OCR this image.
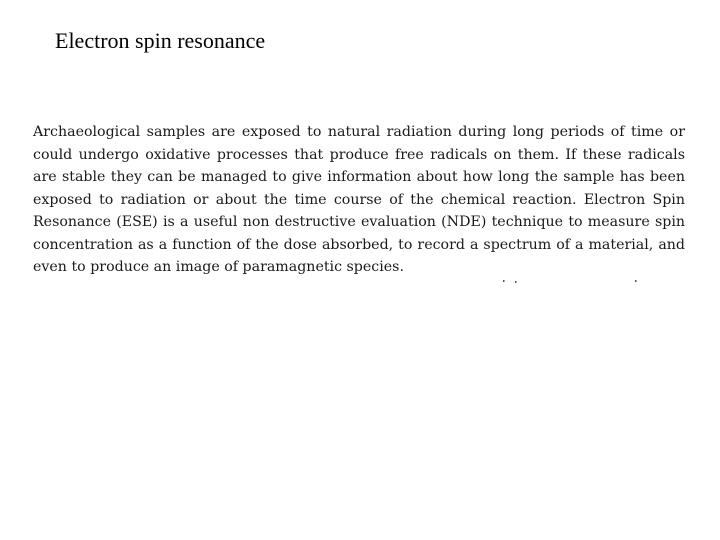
Electron spin resonance

Archaeological samples are exposed to natural radiation during long periods of time or could undergo oxidative processes that produce free radicals on them. If these radicals are stable they can be managed to give information about how long the sample has been exposed to radiation or about the time course of the chemical reaction. Electron Spin Resonance (ESE) is a useful non destructive evaluation (NDE) technique to measure spin concentration as a function of the dose absorbed, to record a spectrum of a material, and even to produce an image of paramagnetic species.
